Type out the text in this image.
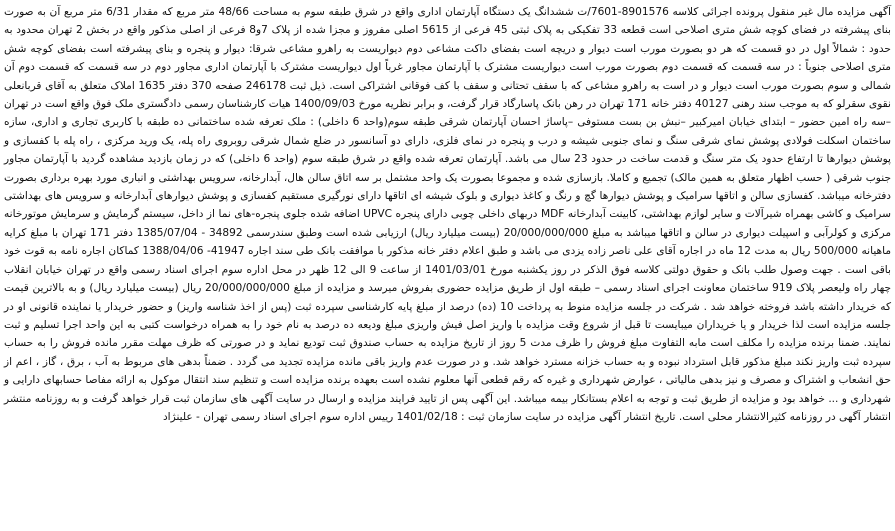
آگهی مزایده مال غیر منقول پرونده اجرائی کلاسه 8901576-7601/ت ششدانگ یک دستگاه آپارتمان اداری واقع در شرق طبقه سوم به مساحت 48/66 متر مربع که مقدار 6/31 متر مربع آن به صورت بنای پیشرفته در فضای کوچه شش متری اصلاحی است قطعه 33 تفکیکی به پلاک ثبتی 45 فرعی از 5615 اصلی مفروز و مجزا شده از پلاک 7و8 فرعی از اصلی مذکور واقع در بخش 2 تهران محدود به حدود : شمالاً اول در دو قسمت که هر دو بصورت مورب است دیوار و دریچه است بفضای داکت مشاعی دوم دیواریست به راهرو مشاعی شرقا: دیوار و پنجره و بنای پیشرفته است بفضای کوچه شش متری اصلاحی جنوباً : در سه قسمت که قسمت دوم بصورت مورب است دیواریست مشترک با آپارتمان مجاور غرباً اول دیواریست مشترک با آپارتمان اداری مجاور دوم در سه قسمت که قسمت دوم آن شمالی و سوم بصورت مورب است دیوار و در است به راهرو مشاعی که با سقف تحتانی و سقف با کف فوقانی اشتراکی است. ذیل ثبت 246178 صفحه 370 دفتر 1635 املاک متعلق به آقای قربانعلی نقوی سقرلو که به موجب سند رهنی 40127 دفتر خانه 171 تهران در رهن بانک پاسارگاد قرار گرفت، و برابر نظریه مورخ 1400/09/03 هیات کارشناسان رسمی دادگستری ملک فوق واقع است در تهران –سه راه امین حضور – ابتدای خیابان امیرکبیر –نبش بن بست مستوفی –پاساژ احسان آپارتمان شرقی طبقه سوم(واحد 6 داخلی) : ملک تعرفه شده ساختمانی ده طبقه با کاربری تجاری و اداری، سازه ساختمان اسکلت فولادی پوشش نمای شرقی سنگ و نمای جنوبی شیشه و درب و پنجره در نمای فلزی، دارای دو آسانسور در ضلع شمال شرقی روبروی راه پله، یک ورید مرکزی ، راه پله با کفسازی و پوشش دیوارها تا ارتفاع حدود یک متر سنگ و قدمت ساخت در حدود 23 سال می باشد. آپارتمان تعرفه شده واقع در شرق طبقه سوم (واحد 6 داخلی) که در زمان بازدید مشاهده گردید با آپارتمان مجاور جنوب شرقی ( حسب اظهار متعلق به همین مالک) تجمیع و کاملا. بازسازی شده و مجموعا بصورت یک واحد مشتمل بر سه اتاق سالن هال، آبدارخانه، سرویس بهداشتی و انباری مورد بهره برداری بصورت دفترخانه میباشد. کفسازی سالن و اتاقها سرامیک و پوشش دیوارها گچ و رنگ و کاغذ دیواری و بلوک شیشه ای اتاقها دارای نورگیری مستقیم کفسازی و پوشش دیوارهای آبدارخانه و سرویس های بهداشتی سرامیک و کاشی بهمراه شیرآلات و سایر لوازم بهداشتی، کابینت آبدارخانه MDF دربهای داخلی چوبی دارای پنجره UPVC اضافه شده جلوی پنجره-های نما از داخل، سیستم گرمایش و سرمایش موتورخانه مرکزی و کولرآبی و اسپیلت دیواری در سالن و اتاقها میباشد به مبلغ 20/000/000/000 (بیست میلیارد ریال) ارزیابی شده است وطبق سندرسمی 34892 - 1385/07/04 دفتر 171 تهران با مبلغ کرایه ماهیانه 500/000 ریال به مدت 12 ماه در اجاره آقای علی ناصر زاده یزدی می باشد و طبق اعلام دفتر خانه مذکور با موافقت بانک طی سند اجاره 41947- 1388/04/06 کماکان اجاره نامه به قوت خود باقی است . جهت وصول طلب بانک و حقوق دولتی کلاسه فوق الذکر در روز یکشنبه مورخ 1401/03/01 از ساعت 9 الی 12 ظهر در محل اداره سوم اجرای اسناد رسمی واقع در تهران خیابان انقلاب چهار راه ولیعصر پلاک 919 ساختمان معاونت اجرای اسناد رسمی – طبقه اول از طریق مزایده حضوری بفروش میرسد و مزایده از مبلغ 20/000/000/000 ریال (بیست میلیارد ریال) و به بالاترین قیمت که خریدار داشته باشد فروخته خواهد شد . شرکت در جلسه مزایده منوط به پرداخت 10 (ده) درصد از مبلغ پایه کارشناسی سپرده ثبت (پس از اخذ شناسه واریز) و حضور خریدار یا نماینده قانونی او در جلسه مزایده است لذا خریدار و یا خریداران میبایست تا قبل از شروع وقت مزایده با واریز اصل فیش واریزی مبلغ ودیعه ده درصد به نام خود را به همراه درخواست کتبی به این واحد اجرا تسلیم و ثبت نمایند. ضمنا برنده مزایده را مکلف است مابه التفاوت مبلغ فروش را ظرف مدت 5 روز از تاریخ مزایده به حساب صندوق ثبت تودیع نماید و در صورتی که ظرف مهلت مقرر مانده فروش را به حساب سپرده ثبت واریز نکند مبلغ مذکور قابل استرداد نبوده و به حساب خزانه مسترد خواهد شد. و در صورت عدم واریز باقی مانده مزایده تجدید می گردد . ضمناً بدهی های مربوط به آب ، برق ، گاز ، اعم از حق انشعاب و اشتراک و مصرف و نیز بدهی مالیاتی ، عوارض شهرداری و غیره که رقم قطعی آنها معلوم نشده است بعهده برنده مزایده است و تنظیم سند انتقال موکول به ارائه مفاصا حسابهای دارایی و شهرداری و ... خواهد بود و مزایده از طریق ثبت و توجه به اعلام بستانکار بیمه میباشد. این آگهی پس از تایید فرایند مزایده و ارسال در سایت آگهی های سازمان ثبت قرار خواهد گرفت و به روزنامه منتشر انتشار آگهی در روزنامه کثیرالانتشار محلی است. تاریخ انتشار آگهی مزایده در سایت سازمان ثبت : 1401/02/18 رییس اداره سوم اجرای اسناد رسمی تهران - علینژاد
